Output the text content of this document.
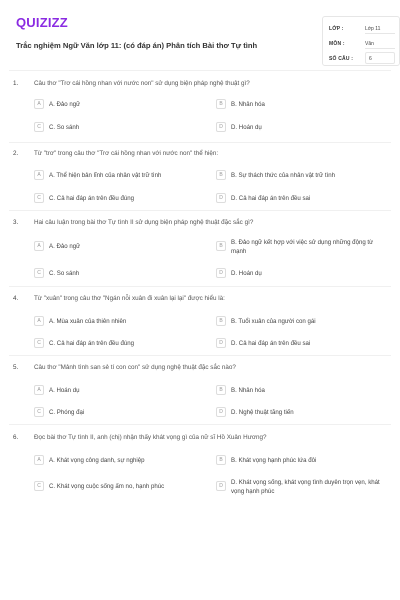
QUIZIZZ
Trắc nghiệm Ngữ Văn lớp 11: (có đáp án) Phân tích Bài thơ Tự tình
LỚP :	Lớp 11
MÔN :	Văn
SỐ CÂU :	6
1. Câu thơ "Trơ cái hồng nhan với nước non" sử dụng biện pháp nghệ thuật gì?
A	A. Đảo ngữ	B	B. Nhân hóa
C	C. So sánh	D	D. Hoán dụ
2. Từ "trơ" trong câu thơ "Trơ cái hồng nhan với nước non" thể hiện:
A	A. Thể hiện bản lĩnh của nhân vật trữ tình	B	B. Sự thách thức của nhân vật trữ tình
C	C. Cả hai đáp án trên đều đúng	D	D. Cả hai đáp án trên đều sai
3. Hai câu luận trong bài thơ Tự tình II sử dụng biện pháp nghệ thuật đặc sắc gì?
A	A. Đảo ngữ	B	B. Đảo ngữ kết hợp với việc sử dụng những động từ mạnh
C	C. So sánh	D	D. Hoán dụ
4. Từ "xuân" trong câu thơ "Ngán nỗi xuân đi xuân lại lại" được hiểu là:
A	A. Mùa xuân của thiên nhiên	B	B. Tuổi xuân của người con gái
C	C. Cả hai đáp án trên đều đúng	D	D. Cả hai đáp án trên đều sai
5. Câu thơ "Mảnh tình san sẻ tí con con" sử dụng nghệ thuật đặc sắc nào?
A	A. Hoán dụ	B	B. Nhân hóa
C	C. Phóng đại	D	D. Nghệ thuật tăng tiến
6. Đọc bài thơ Tự tình II, anh (chị) nhận thấy khát vọng gì của nữ sĩ Hồ Xuân Hương?
A	A. Khát vọng công danh, sự nghiệp	B	B. Khát vọng hạnh phúc lứa đôi
C	C. Khát vọng cuộc sống ấm no, hạnh phúc	D	D. Khát vọng sống, khát vọng tình duyên trọn vẹn, khát vọng hạnh phúc
